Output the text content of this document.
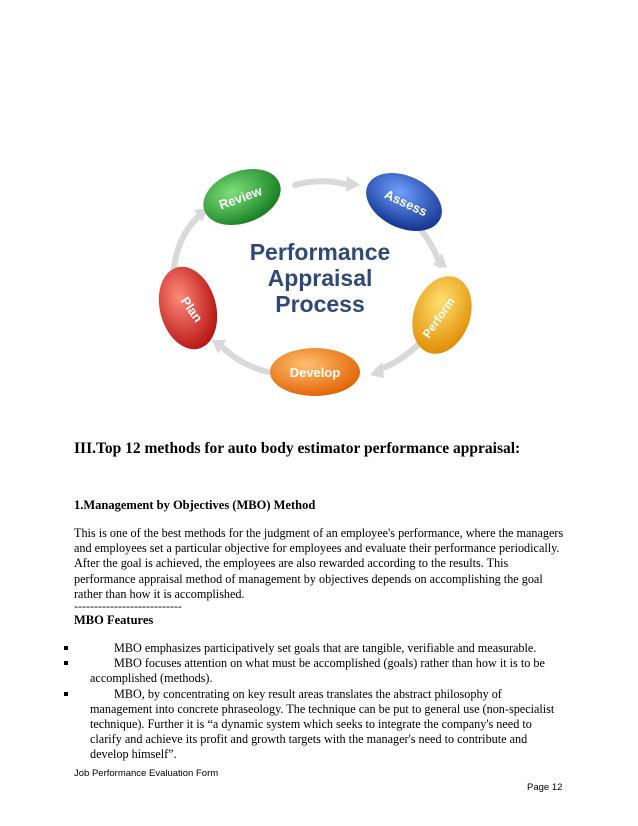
Review	Assess
Perform
Develop
Plan
Performance
Appraisal
Process
III.Top 12 methods for auto body estimator performance appraisal:
1.Management by Objectives (MBO) Method

This is one of the best methods for the judgment of an employee's performance, where the managers and employees set a particular objective for employees and evaluate their performance periodically. After the goal is achieved, the employees are also rewarded according to the results. This performance appraisal method of management by objectives depends on accomplishing the goal rather than how it is accomplished.

---------------------------
MBO Features
MBO emphasizes participatively set goals that are tangible, verifiable and measurable.
MBO focuses attention on what must be accomplished (goals) rather than how it is to be accomplished (methods).
MBO, by concentrating on key result areas translates the abstract philosophy of management into concrete phraseology. The technique can be put to general use (non-specialist technique). Further it is “a dynamic system which seeks to integrate the company's need to clarify and achieve its profit and growth targets with the manager's need to contribute and develop himself”.
Job Performance Evaluation Form
Page 12
